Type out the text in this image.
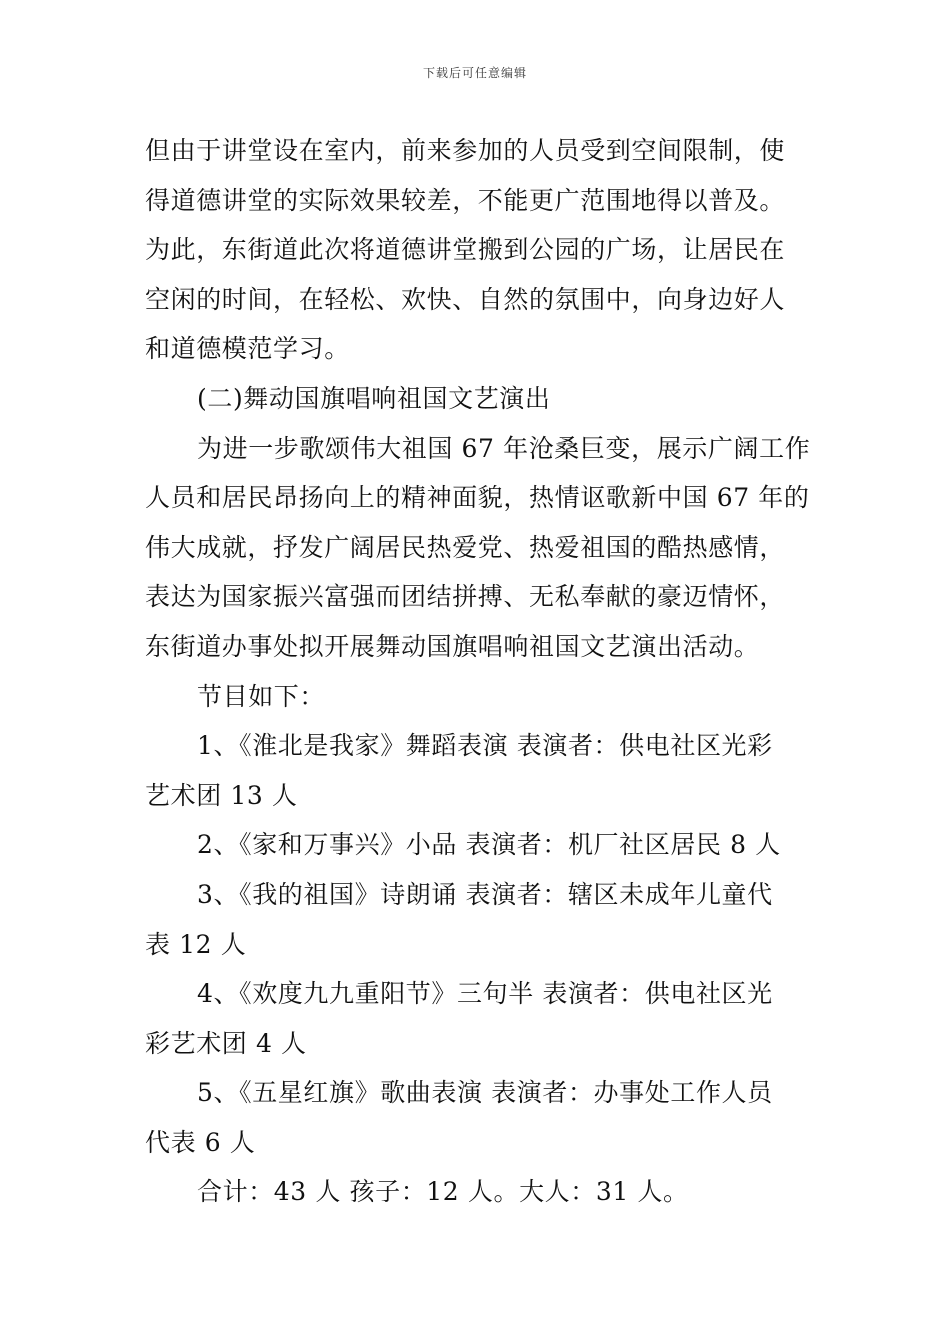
下载后可任意编辑
但由于讲堂设在室内，前来参加的人员受到空间限制，使
得道德讲堂的实际效果较差，不能更广范围地得以普及。
为此，东街道此次将道德讲堂搬到公园的广场，让居民在
空闲的时间，在轻松、欢快、自然的氛围中，向身边好人
和道德模范学习。
(二)舞动国旗唱响祖国文艺演出
为进一步歌颂伟大祖国 67 年沧桑巨变，展示广阔工作
人员和居民昂扬向上的精神面貌，热情讴歌新中国 67 年的
伟大成就，抒发广阔居民热爱党、热爱祖国的酷热感情，
表达为国家振兴富强而团结拼搏、无私奉献的豪迈情怀，
东街道办事处拟开展舞动国旗唱响祖国文艺演出活动。
节目如下：
1、《淮北是我家》舞蹈表演 表演者：供电社区光彩
艺术团 13 人
2、《家和万事兴》小品 表演者：机厂社区居民 8 人
3、《我的祖国》诗朗诵 表演者：辖区未成年儿童代
表 12 人
4、《欢度九九重阳节》三句半 表演者：供电社区光
彩艺术团 4 人
5、《五星红旗》歌曲表演 表演者：办事处工作人员
代表 6 人
合计：43 人 孩子：12 人。大人：31 人。
